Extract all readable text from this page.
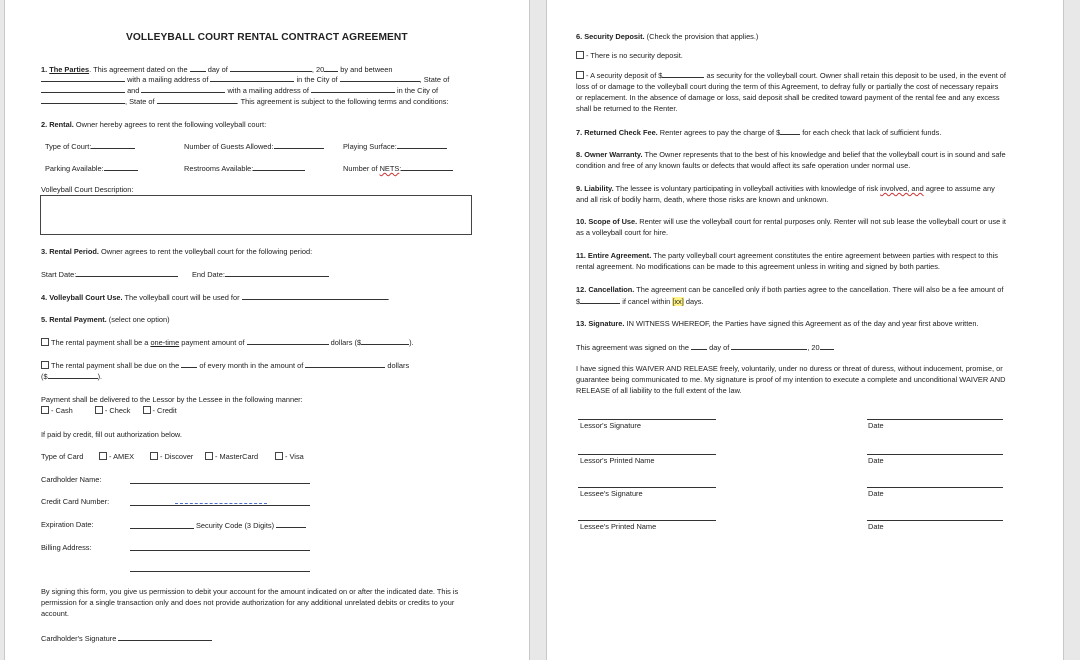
VOLLEYBALL COURT RENTAL CONTRACT AGREEMENT
1. The Parties. This agreement dated on the	day of	, 20 by and between
with a mailing address of	in the City of	, State of
and	with a mailing address of	in the City of
, State of	. This agreement is subject to the following terms and conditions:
2. Rental. Owner hereby agrees to rent the following volleyball court:
Type of Court:	Number of Guests Allowed:	Playing Surface:
Parking Available:	Restrooms Available:	Number of NETS:
Volleyball Court Description:
3. Rental Period. Owner agrees to rent the volleyball court for the following period:
Start Date:	End Date:
4. Volleyball Court Use. The volleyball court will be used for	.
5. Rental Payment. (select one option)
The rental payment shall be a one-time payment amount of	dollars ($	).
The rental payment shall be due on the	of every month in the amount of	dollars
($	).
Payment shall be delivered to the Lessor by the Lessee in the following manner:
- Cash	- Check	- Credit
If paid by credit, fill out authorization below.
Type of Card	- AMEX	- Discover	- MasterCard	- Visa
Cardholder Name:
Credit Card Number:
Expiration Date:	Security Code (3 Digits)
Billing Address:
By signing this form, you give us permission to debit your account for the amount indicated on or after the indicated date. This is permission for a single transaction only and does not provide authorization for any additional unrelated debits or credits to your account.
Cardholder's Signature
6. Security Deposit. (Check the provision that applies.)
- There is no security deposit.
- A security deposit of $	as security for the volleyball court. Owner shall retain this deposit to be used, in the event of loss of or damage to the volleyball court during the term of this Agreement, to defray fully or partially the cost of necessary repairs or replacement. In the absence of damage or loss, said deposit shall be credited toward payment of the rental fee and any excess shall be returned to the Renter.
7. Returned Check Fee. Renter agrees to pay the charge of $	for each check that lack of sufficient funds.
8. Owner Warranty. The Owner represents that to the best of his knowledge and belief that the volleyball court is in sound and safe condition and free of any known faults or defects that would affect its safe operation under normal use.
9. Liability. The lessee is voluntary participating in volleyball activities with knowledge of risk involved, and agree to assume any and all risk of bodily harm, death, where those risks are known and unknown.
10. Scope of Use. Renter will use the volleyball court for rental purposes only. Renter will not sub lease the volleyball court or use it as a volleyball court for hire.
11. Entire Agreement. The party volleyball court agreement constitutes the entire agreement between parties with respect to this rental agreement. No modifications can be made to this agreement unless in writing and signed by both parties.
12. Cancellation. The agreement can be cancelled only if both parties agree to the cancellation. There will also be a fee amount of $	if cancel within [xx] days.
13. Signature. IN WITNESS WHEREOF, the Parties have signed this Agreement as of the day and year first above written.
This agreement was signed on the	day of	, 20
I have signed this WAIVER AND RELEASE freely, voluntarily, under no duress or threat of duress, without inducement, promise, or guarantee being communicated to me. My signature is proof of my intention to execute a complete and unconditional WAIVER AND RELEASE of all liability to the full extent of the law.
Lessor's Signature	Date
Lessor's Printed Name	Date
Lessee's Signature	Date
Lessee's Printed Name	Date
